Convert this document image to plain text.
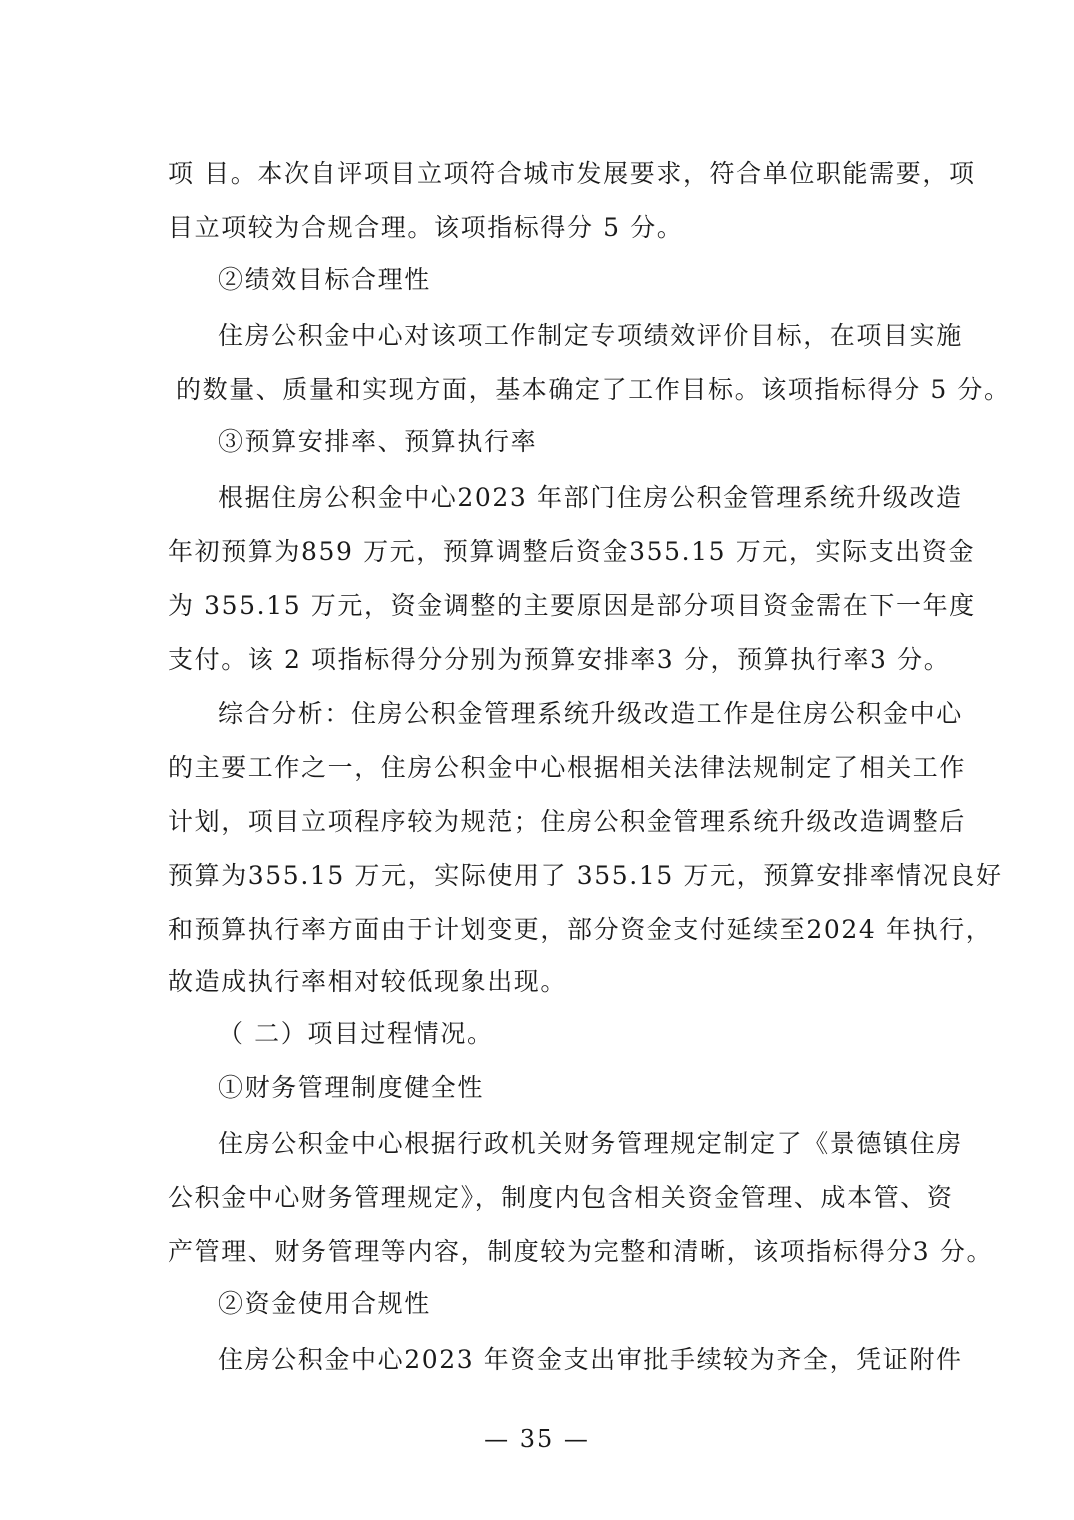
项 目。本次自评项目立项符合城市发展要求，符合单位职能需要，项
目立项较为合规合理。该项指标得分 5 分。
②绩效目标合理性
住房公积金中心对该项工作制定专项绩效评价目标，在项目实施
的数量、质量和实现方面，基本确定了工作目标。该项指标得分 5 分。
③预算安排率、预算执行率
根据住房公积金中心2023 年部门住房公积金管理系统升级改造
年初预算为859 万元，预算调整后资金355.15 万元，实际支出资金
为 355.15 万元，资金调整的主要原因是部分项目资金需在下一年度
支付。该 2 项指标得分分别为预算安排率3 分，预算执行率3 分。
综合分析：住房公积金管理系统升级改造工作是住房公积金中心
的主要工作之一，住房公积金中心根据相关法律法规制定了相关工作
计划，项目立项程序较为规范；住房公积金管理系统升级改造调整后
预算为355.15 万元，实际使用了 355.15 万元，预算安排率情况良好
和预算执行率方面由于计划变更，部分资金支付延续至2024 年执行，
故造成执行率相对较低现象出现。
（ 二）项目过程情况。
①财务管理制度健全性
住房公积金中心根据行政机关财务管理规定制定了《景德镇住房
公积金中心财务管理规定》，制度内包含相关资金管理、成本管、资
产管理、财务管理等内容，制度较为完整和清晰，该项指标得分3 分。
②资金使用合规性
住房公积金中心2023 年资金支出审批手续较为齐全，凭证附件
— 35 —
